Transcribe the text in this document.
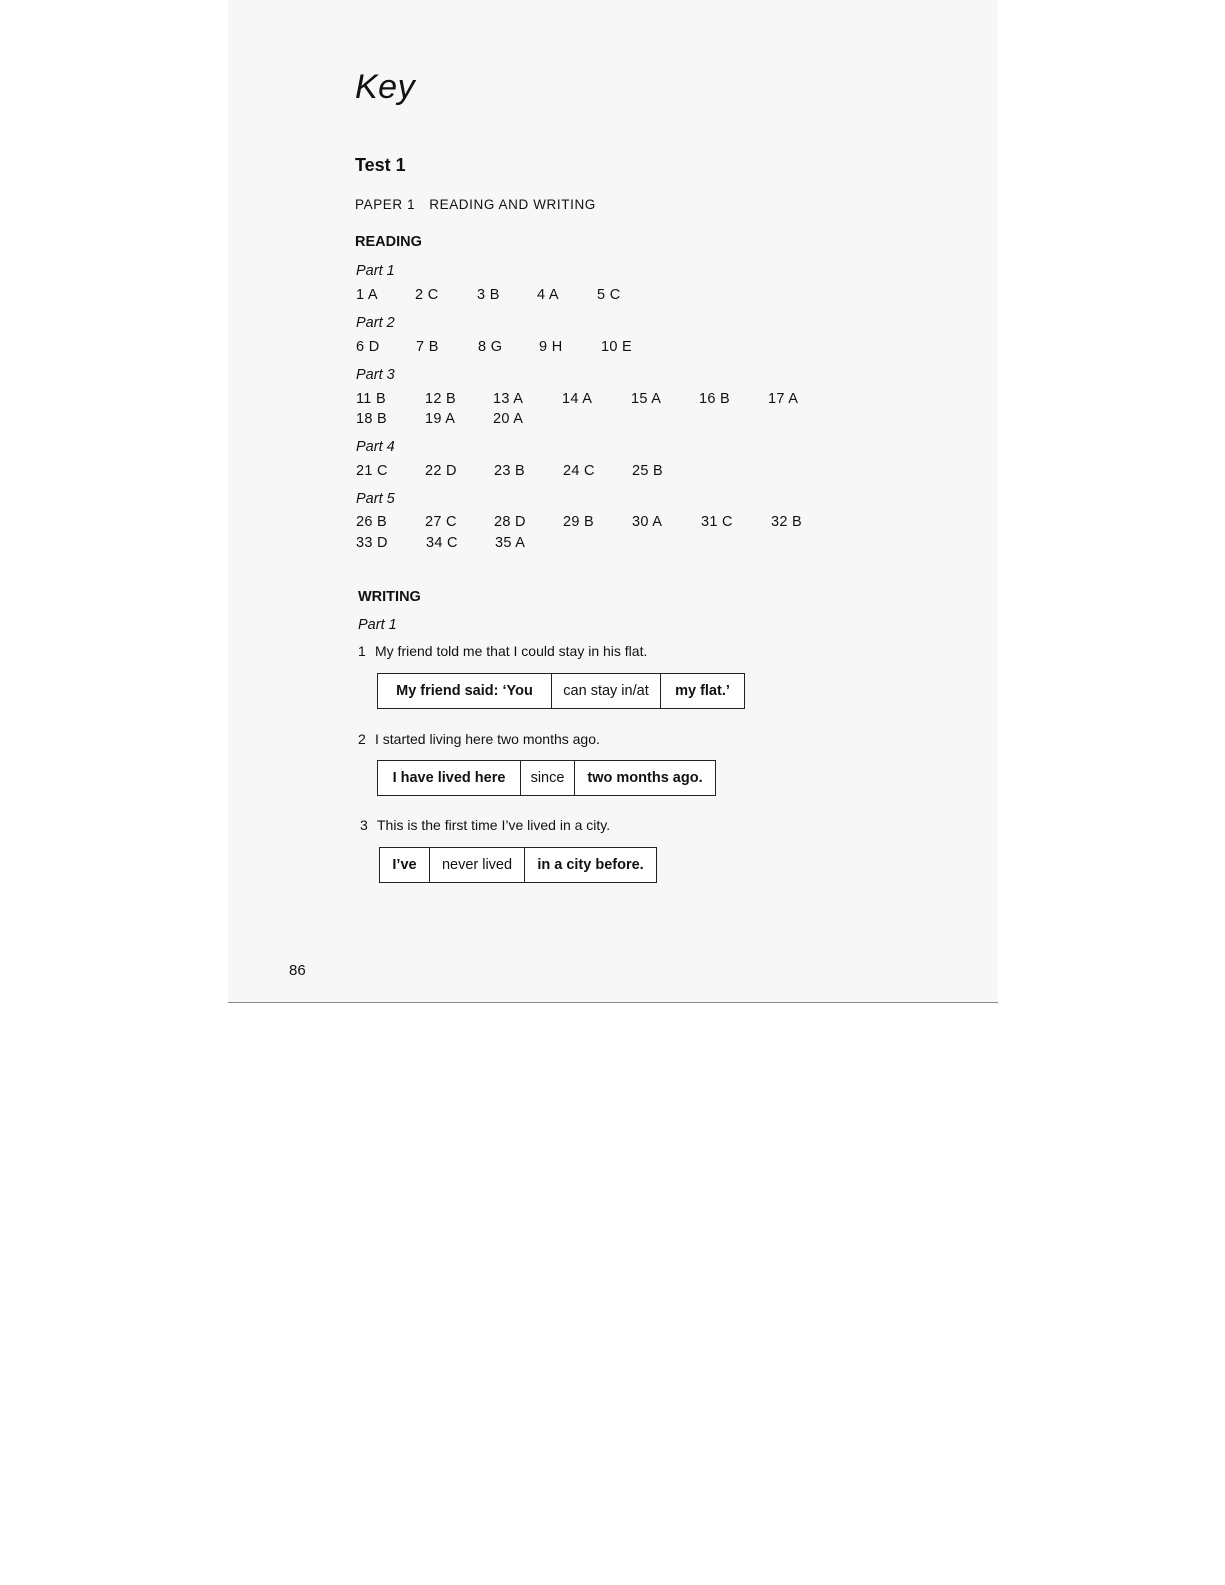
Key
Test 1
PAPER 1 READING AND WRITING
READING
Part 1
1 A	2 C	3 B	4 A	5 C
Part 2
6 D	7 B	8 G	9 H	10 E
Part 3
11 B	12 B	13 A	14 A	15 A	16 B	17 A
18 B	19 A	20 A
Part 4
21 C	22 D	23 B	24 C	25 B
Part 5
26 B	27 C	28 D	29 B	30 A	31 C	32 B
33 D	34 C	35 A
WRITING
Part 1
1 My friend told me that I could stay in his flat.
My friend said: ‘You	can stay in/at	my flat.’
2 I started living here two months ago.
I have lived here	since	two months ago.
3 This is the first time I’ve lived in a city.
I’ve	never lived	in a city before.
86
